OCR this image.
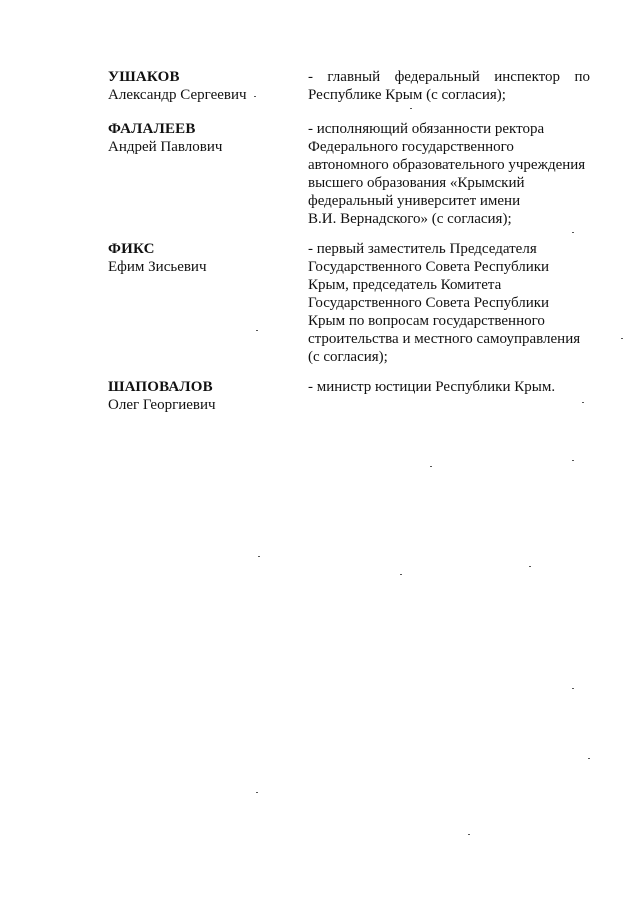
УШАКОВ
Александр Сергеевич
- главный федеральный инспектор по
Республике Крым (с согласия);
ФАЛАЛЕЕВ
Андрей Павлович
- исполняющий обязанности ректора
Федерального государственного
автономного образовательного учреждения
высшего образования «Крымский
федеральный университет имени
В.И. Вернадского» (с согласия);
ФИКС
Ефим Зисьевич
- первый заместитель Председателя
Государственного Совета Республики
Крым, председатель Комитета
Государственного Совета Республики
Крым по вопросам государственного
строительства и местного самоуправления
(с согласия);
ШАПОВАЛОВ
Олег Георгиевич
- министр юстиции Республики Крым.
